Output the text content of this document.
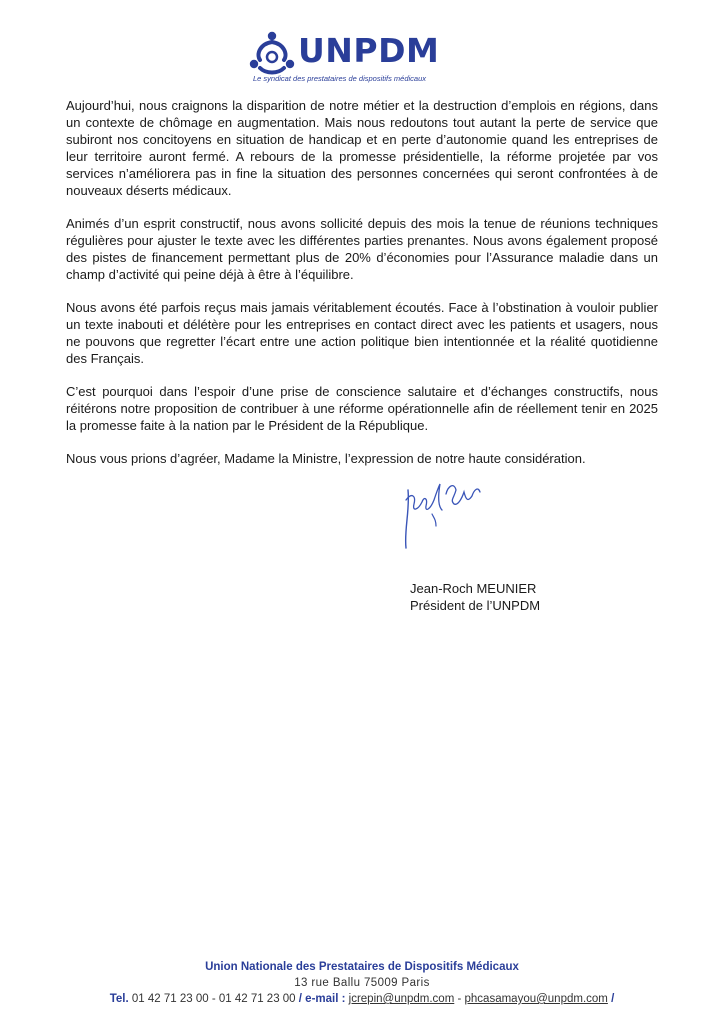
UNPDM
Le syndicat des prestataires de dispositifs médicaux

Aujourd’hui, nous craignons la disparition de notre métier et la destruction d’emplois en régions, dans un contexte de chômage en augmentation. Mais nous redoutons tout autant la perte de service que subiront nos concitoyens en situation de handicap et en perte d’autonomie quand les entreprises de leur territoire auront fermé. A rebours de la promesse présidentielle, la réforme projetée par vos services n’améliorera pas in fine la situation des personnes concernées qui seront confrontées à de nouveaux déserts médicaux.

Animés d’un esprit constructif, nous avons sollicité depuis des mois la tenue de réunions techniques régulières pour ajuster le texte avec les différentes parties prenantes. Nous avons également proposé des pistes de financement permettant plus de 20% d’économies pour l’Assurance maladie dans un champ d’activité qui peine déjà à être à l’équilibre.

Nous avons été parfois reçus mais jamais véritablement écoutés. Face à l’obstination à vouloir publier un texte inabouti et délétère pour les entreprises en contact direct avec les patients et usagers, nous ne pouvons que regretter l’écart entre une action politique bien intentionnée et la réalité quotidienne des Français.

C’est pourquoi dans l’espoir d’une prise de conscience salutaire et d’échanges constructifs, nous réitérons notre proposition de contribuer à une réforme opérationnelle afin de réellement tenir en 2025 la promesse faite à la nation par le Président de la République.

Nous vous prions d’agréer, Madame la Ministre, l’expression de notre haute considération.

Jean-Roch MEUNIER
Président de l’UNPDM
Union Nationale des Prestataires de Dispositifs Médicaux
13 rue Ballu 75009 Paris
Tel. 01 42 71 23 00 - 01 42 71 23 00 / e-mail : jcrepin@unpdm.com - phcasamayou@unpdm.com /
